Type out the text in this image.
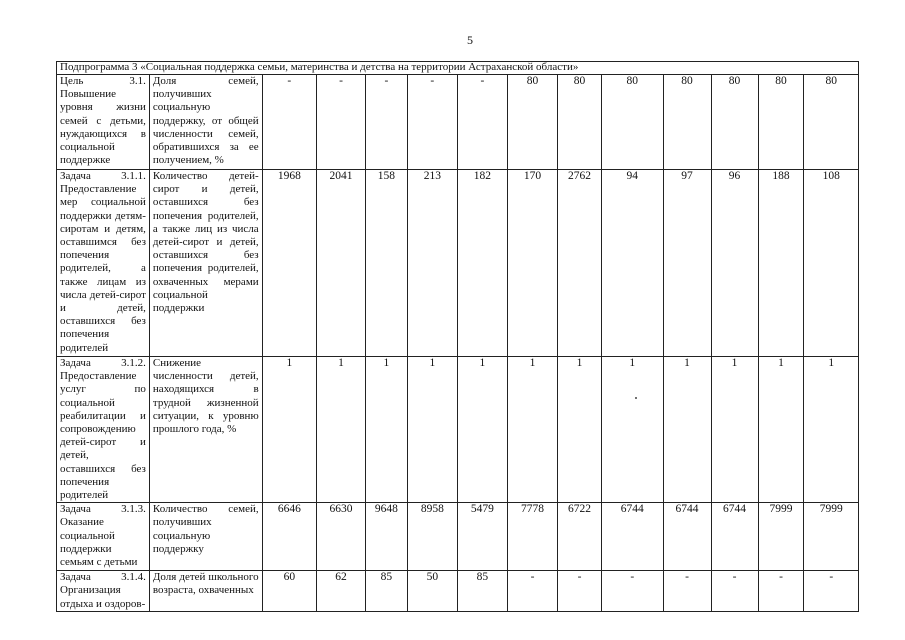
5
Подпрограмма 3 «Социальная поддержка семьи, материнства и детства на территории Астраханской области»													
Цель 3.1. Повышение уровня жизни семей с детьми, нуждающихся в социальной поддержке	Доля семей, получивших социальную поддержку, от общей численности семей, обратившихся за ее получением, %	-	-	-	-	-	80	80	80	80	80	80	80
Задача 3.1.1. Предоставление мер социальной поддержки детям-сиротам и детям, оставшимся без попечения родителей, а также лицам из числа детей-сирот и детей, оставшихся без попечения родителей	Количество детей-сирот и детей, оставшихся без попечения родителей, а также лиц из числа детей-сирот и детей, оставшихся без попечения родителей, охваченных мерами социальной поддержки	1968	2041	158	213	182	170	2762	94	97	96	188	108
Задача 3.1.2. Предоставление услуг по социальной реабилитации и сопровождению детей-сирот и детей, оставшихся без попечения родителей	Снижение численности детей, находящихся в трудной жизненной ситуации, к уровню прошлого года, %	1	1	1	1	1	1	1	1	1	1	1	1
Задача 3.1.3. Оказание социальной поддержки семьям с детьми	Количество семей, получивших социальную поддержку	6646	6630	9648	8958	5479	7778	6722	6744	6744	6744	7999	7999
Задача 3.1.4. Организация отдыха и оздоров-	Доля детей школьного возраста, охваченных	60	62	85	50	85	-	-	-	-	-	-	-
